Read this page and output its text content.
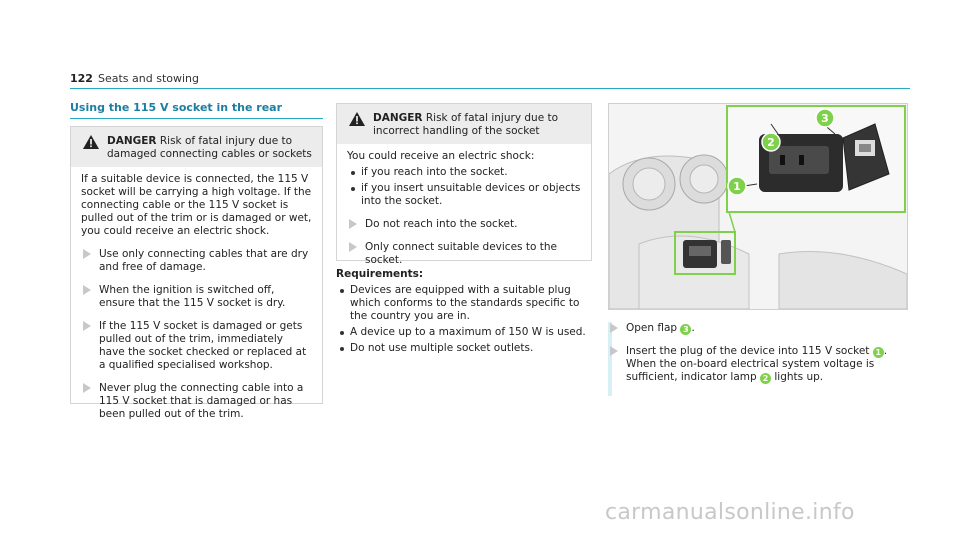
122 Seats and stowing
Using the 115 V socket in the rear
DANGER Risk of fatal injury due to damaged connecting cables or sockets
If a suitable device is connected, the 115 V socket will be carrying a high voltage. If the connecting cable or the 115 V socket is pulled out of the trim or is damaged or wet, you could receive an electric shock.
Use only connecting cables that are dry and free of damage.
When the ignition is switched off, ensure that the 115 V socket is dry.
If the 115 V socket is damaged or gets pulled out of the trim, immediately have the socket checked or replaced at a qualified specialised workshop.
Never plug the connecting cable into a 115 V socket that is damaged or has been pulled out of the trim.
DANGER Risk of fatal injury due to incorrect handling of the socket
You could receive an electric shock:
if you reach into the socket.
if you insert unsuitable devices or objects into the socket.
Do not reach into the socket.
Only connect suitable devices to the socket.
Requirements:
Devices are equipped with a suitable plug which conforms to the standards specific to the country you are in.
A device up to a maximum of 150 W is used.
Do not use multiple socket outlets.
1
2
3
Open flap 3 .
Insert the plug of the device into 115 V socket 1 .
When the on-board electrical system voltage is sufficient, indicator lamp 2 lights up.
carmanualsonline.info
